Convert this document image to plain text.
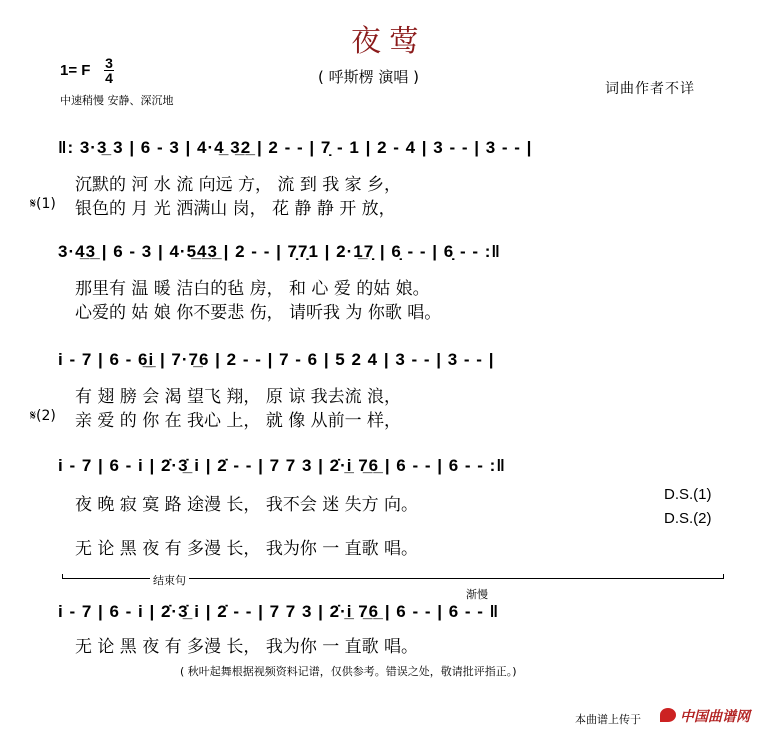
夜莺
1= F 3
4	( 呼斯楞 演唱 )
中速稍慢 安静、深沉地
词曲作者不详
‖: 3·3̲ 3 | 6 - 3 | 4·4̲ 3̲2̲ | 2 - - | 7̣ - 1 | 2 - 4 | 3 - - | 3 - - |
沉默的 河 水 流 向远 方， 流 到 我 家 乡，
𝄋(1) 银色的 月 光 洒满山 岗， 花 静 静 开 放，
3·4̲3̲ | 6 - 3 | 4·5̲4̲3̲ | 2 - - | 7̣7̣1 | 2·1̲7̣ | 6̣ - - | 6̣ - - :‖
那里有 温 暖 洁白的毡 房， 和 心 爱 的姑 娘。
心爱的 姑 娘 你不要悲 伤， 请听我 为 你歌 唱。
i - 7 | 6 - 6̲i̲ | 7·7̲6 | 2 - - | 7 - 6 | 5 2 4 | 3 - - | 3 - - |
有 翅 膀 会 渴 望飞 翔， 原 谅 我去流 浪，
𝄋(2) 亲 爱 的 你 在 我心 上， 就 像 从前一 样，
i - 7 | 6 - i | 2̇·3̲̇ i | 2̇ - - | 7 7 3 | 2̇·i̲ 7̲6̲ | 6 - - | 6 - - :‖
夜 晚 寂 寞 路 途漫 长， 我不会 迷 失方 向。
无 论 黑 夜 有 多漫 长， 我为你 一 直歌 唱。
D.S.(1)
D.S.(2)
结束句
渐慢
i - 7 | 6 - i | 2̇·3̲̇ i | 2̇ - - | 7 7 3 | 2̇·i̲ 7̲6̲ | 6 - - | 6 - - ‖
无 论 黑 夜 有 多漫 长， 我为你 一 直歌 唱。
( 秋叶起舞根据视频资料记谱，仅供参考。错误之处，敬请批评指正。)
本曲谱上传于	中国曲谱网
